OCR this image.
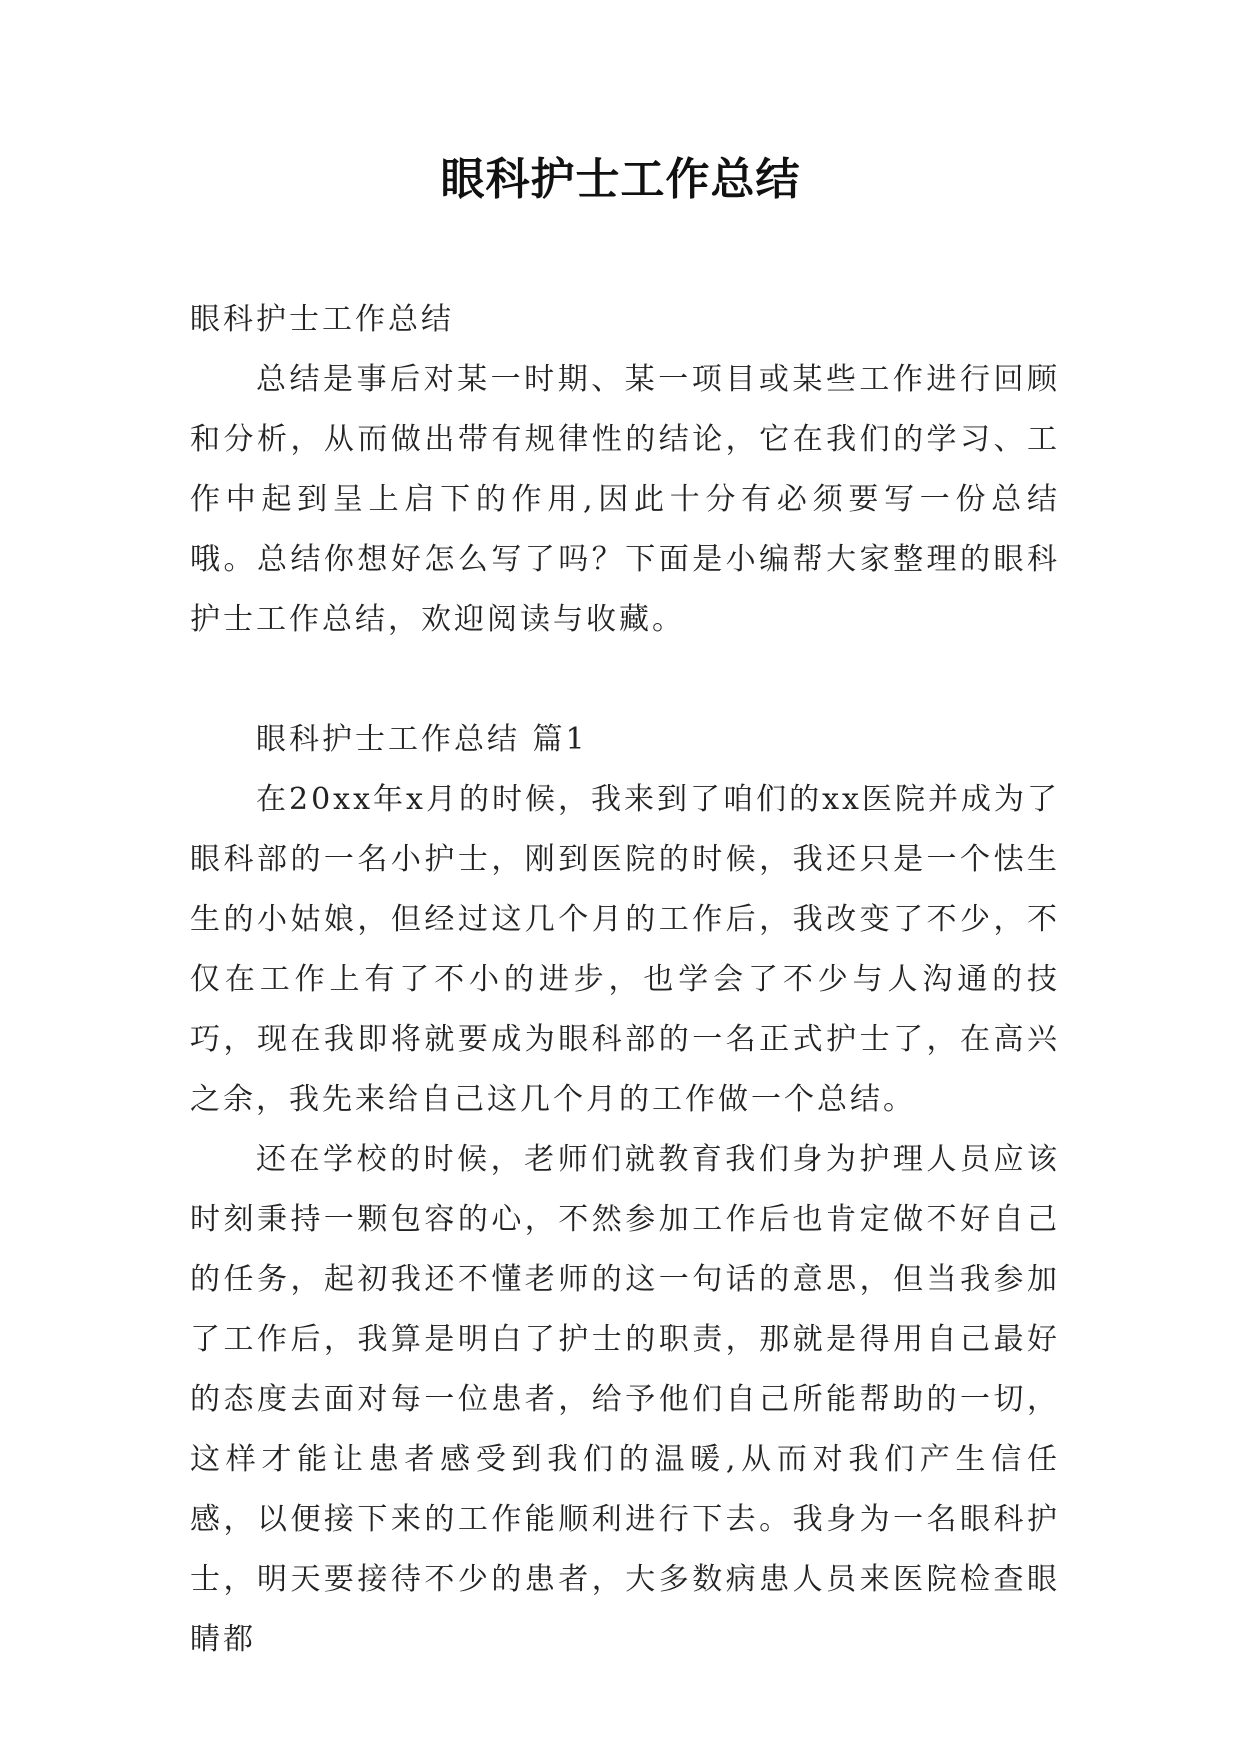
眼科护士工作总结

眼科护士工作总结

总结是事后对某一时期、某一项目或某些工作进行回顾和分析，从而做出带有规律性的结论，它在我们的学习、工作中起到呈上启下的作用,因此十分有必须要写一份总结哦。总结你想好怎么写了吗？下面是小编帮大家整理的眼科护士工作总结，欢迎阅读与收藏。

眼科护士工作总结 篇1

在20xx年x月的时候，我来到了咱们的xx医院并成为了眼科部的一名小护士，刚到医院的时候，我还只是一个怯生生的小姑娘，但经过这几个月的工作后，我改变了不少，不仅在工作上有了不小的进步，也学会了不少与人沟通的技巧，现在我即将就要成为眼科部的一名正式护士了，在高兴之余，我先来给自己这几个月的工作做一个总结。

还在学校的时候，老师们就教育我们身为护理人员应该时刻秉持一颗包容的心，不然参加工作后也肯定做不好自己的任务，起初我还不懂老师的这一句话的意思，但当我参加了工作后，我算是明白了护士的职责，那就是得用自己最好的态度去面对每一位患者，给予他们自己所能帮助的一切，这样才能让患者感受到我们的温暖,从而对我们产生信任感，以便接下来的工作能顺利进行下去。我身为一名眼科护士，明天要接待不少的患者，大多数病患人员来医院检查眼睛都
